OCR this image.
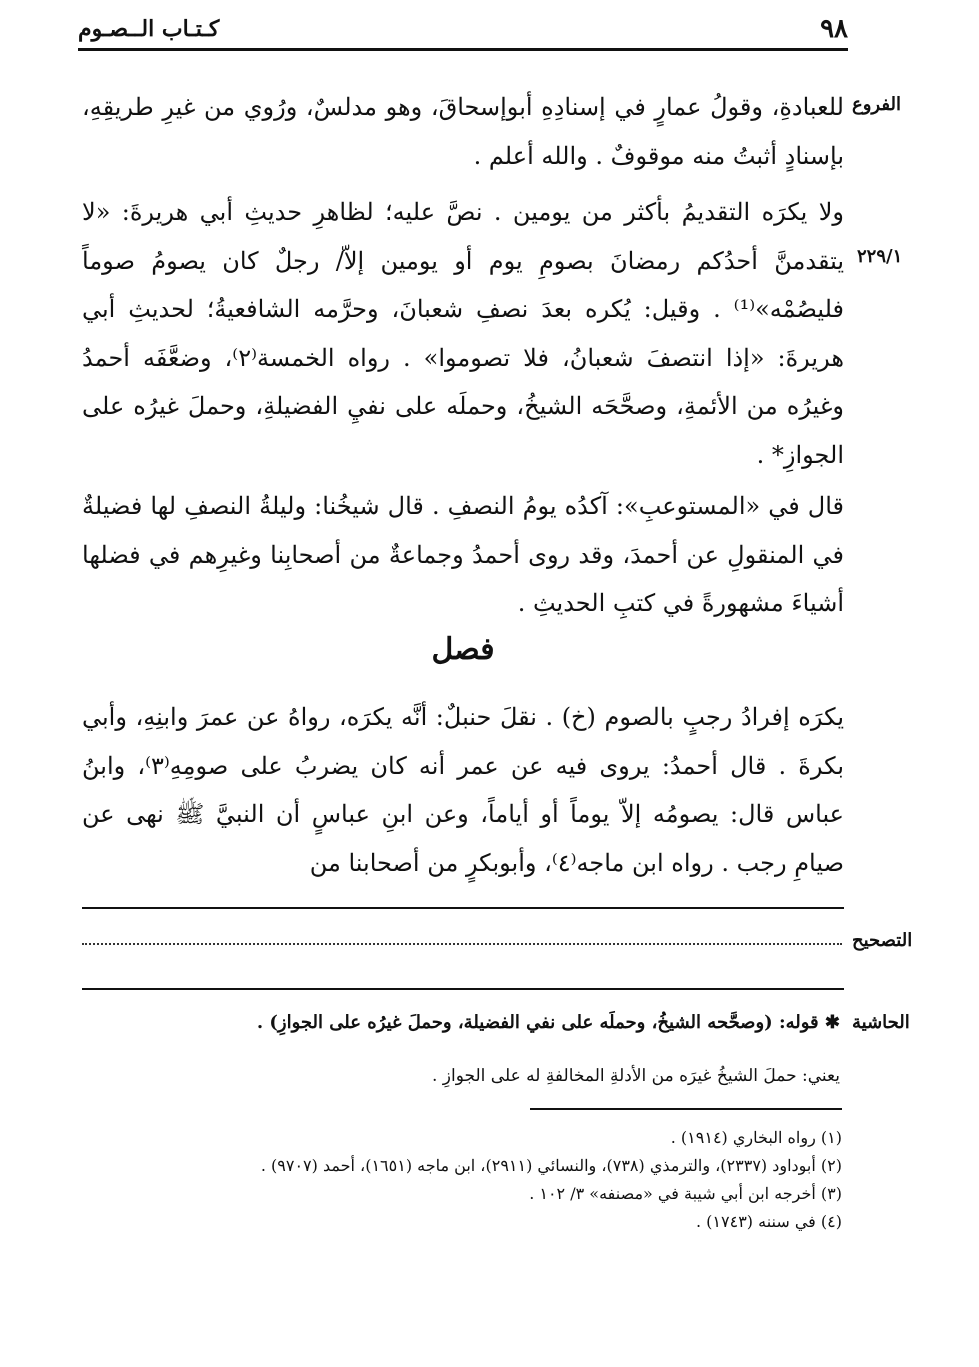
٩٨
كـتـاب الــصـوم
الفروع
٢٢٩/١

للعبادةِ، وقولُ عمارٍ في إسنادِهِ أبوإسحاقَ، وهو مدلسٌ، ورُوي من غيرِ طريقِهِ، بإسنادٍ أثبتُ منه موقوفٌ . والله أعلم .

ولا يكرَه التقديمُ بأكثر من يومين . نصَّ عليه؛ لظاهرِ حديثِ أبي هريرةَ: «لا يتقدمنَّ أحدُكم رمضانَ بصومِ يوم أو يومين إلاّ/ رجلٌ كان يصومُ صوماً فليصُمْه»⁽¹⁾ . وقيل: يُكره بعدَ نصفِ شعبانَ، وحرَّمه الشافعيةُ؛ لحديثِ أبي هريرةَ: «إذا انتصفَ شعبانُ، فلا تصوموا» . رواه الخمسة⁽٢⁾، وضعَّفَه أحمدُ وغيرُه من الأئمةِ، وصحَّحَه الشيخُ، وحملَه على نفيِ الفضيلةِ، وحملَ غيرُه على الجوازِ* .

قال في «المستوعبِ»: آكدُه يومُ النصفِ . قال شيخُنا: وليلةُ النصفِ لها فضيلةٌ في المنقولِ عن أحمدَ، وقد روى أحمدُ وجماعةٌ من أصحابِنا وغيرِهم في فضلها أشياءَ مشهورةً في كتبِ الحديثِ .

فصل

يكرَه إفرادُ رجبٍ بالصوم (خ) . نقلَ حنبلٌ: أنَّه يكرَه، رواهُ عن عمرَ وابنِهِ، وأبي بكرةَ . قال أحمدُ: يروى فيه عن عمر أنه كان يضربُ على صومِهِ⁽٣⁾، وابنُ عباس قال: يصومُه إلاّ يوماً أو أياماً، وعن ابنِ عباسٍ أن النبيَّ ﷺ نهى عن صيامِ رجب . رواه ابن ماجه⁽٤⁾، وأبوبكرٍ من أصحابنا من

التصحيح
الحاشية
✱ قوله: (وصحَّحه الشيخُ، وحملَه على نفي الفضيلة، وحملَ غيرُه على الجوازِ) .
يعني: حملَ الشيخُ غيرَه من الأدلةِ المخالفةِ له على الجوازِ .
(١) رواه البخاري (١٩١٤) .
(٢) أبوداود (٢٣٣٧)، والترمذي (٧٣٨)، والنسائي (٢٩١١)، ابن ماجه (١٦٥١)، أحمد (٩٧٠٧) .
(٣) أخرجه ابن أبي شيبة في «مصنفه» ٣/ ١٠٢ .
(٤) في سننه (١٧٤٣) .
